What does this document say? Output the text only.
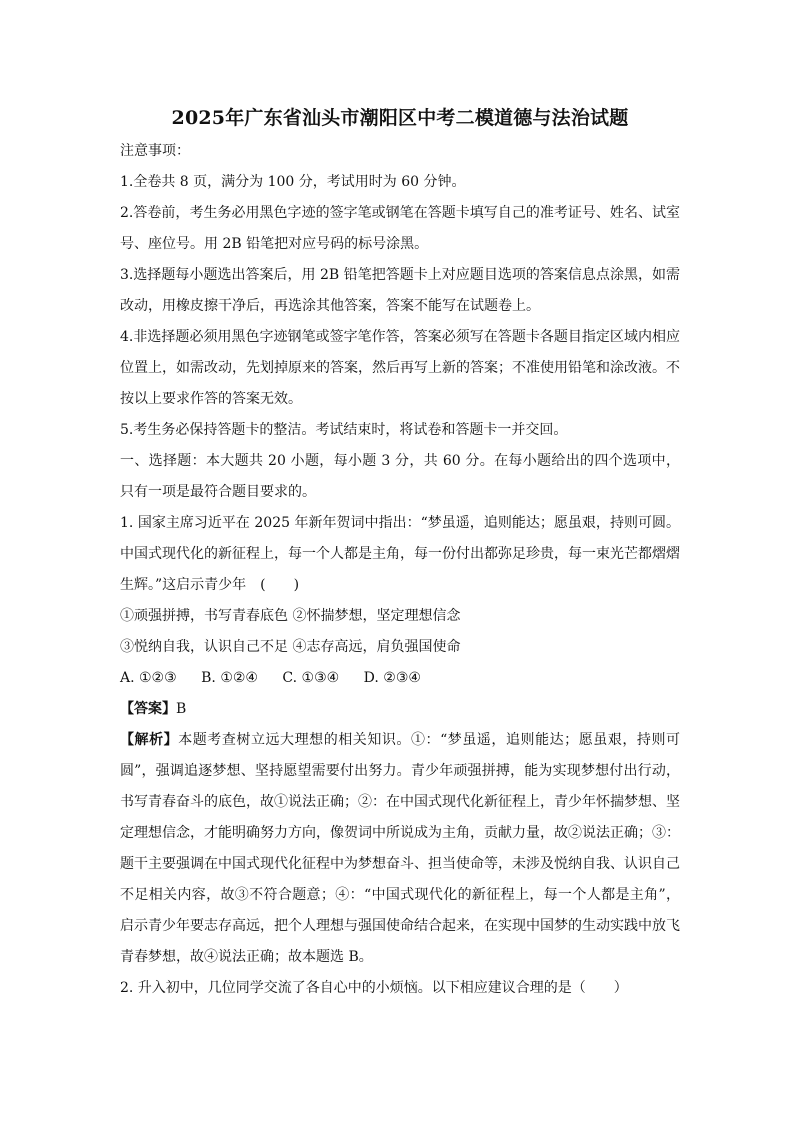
2025年广东省汕头市潮阳区中考二模道德与法治试题

注意事项：

1.全卷共 8 页，满分为 100 分，考试用时为 60 分钟。

2.答卷前，考生务必用黑色字迹的签字笔或钢笔在答题卡填写自己的准考证号、姓名、试室号、座位号。用 2B 铅笔把对应号码的标号涂黑。

3.选择题每小题选出答案后，用 2B 铅笔把答题卡上对应题目选项的答案信息点涂黑，如需改动，用橡皮擦干净后，再选涂其他答案，答案不能写在试题卷上。

4.非选择题必须用黑色字迹钢笔或签字笔作答，答案必须写在答题卡各题目指定区域内相应位置上，如需改动，先划掉原来的答案，然后再写上新的答案；不准使用铅笔和涂改液。不按以上要求作答的答案无效。

5.考生务必保持答题卡的整洁。考试结束时，将试卷和答题卡一并交回。

一、选择题：本大题共 20 小题，每小题 3 分，共 60 分。在每小题给出的四个选项中，只有一项是最符合题目要求的。

1. 国家主席习近平在 2025 年新年贺词中指出：“梦虽遥，追则能达；愿虽艰，持则可圆。中国式现代化的新征程上，每一个人都是主角，每一份付出都弥足珍贵，每一束光芒都熠熠生辉。”这启示青少年　(　　)

①顽强拼搏，书写青春底色 ②怀揣梦想，坚定理想信念

③悦纳自我，认识自己不足 ④志存高远，肩负强国使命

A. ①②③ B. ①②④ C. ①③④ D. ②③④

【答案】B

【解析】本题考查树立远大理想的相关知识。①：“梦虽遥，追则能达；愿虽艰，持则可圆”，强调追逐梦想、坚持愿望需要付出努力。青少年顽强拼搏，能为实现梦想付出行动，书写青春奋斗的底色，故①说法正确；②：在中国式现代化新征程上，青少年怀揣梦想、坚定理想信念，才能明确努力方向，像贺词中所说成为主角，贡献力量，故②说法正确；③：题干主要强调在中国式现代化征程中为梦想奋斗、担当使命等，未涉及悦纳自我、认识自己不足相关内容，故③不符合题意；④：“中国式现代化的新征程上，每一个人都是主角”，启示青少年要志存高远，把个人理想与强国使命结合起来，在实现中国梦的生动实践中放飞青春梦想，故④说法正确；故本题选 B。

2. 升入初中，几位同学交流了各自心中的小烦恼。以下相应建议合理的是（　　）
